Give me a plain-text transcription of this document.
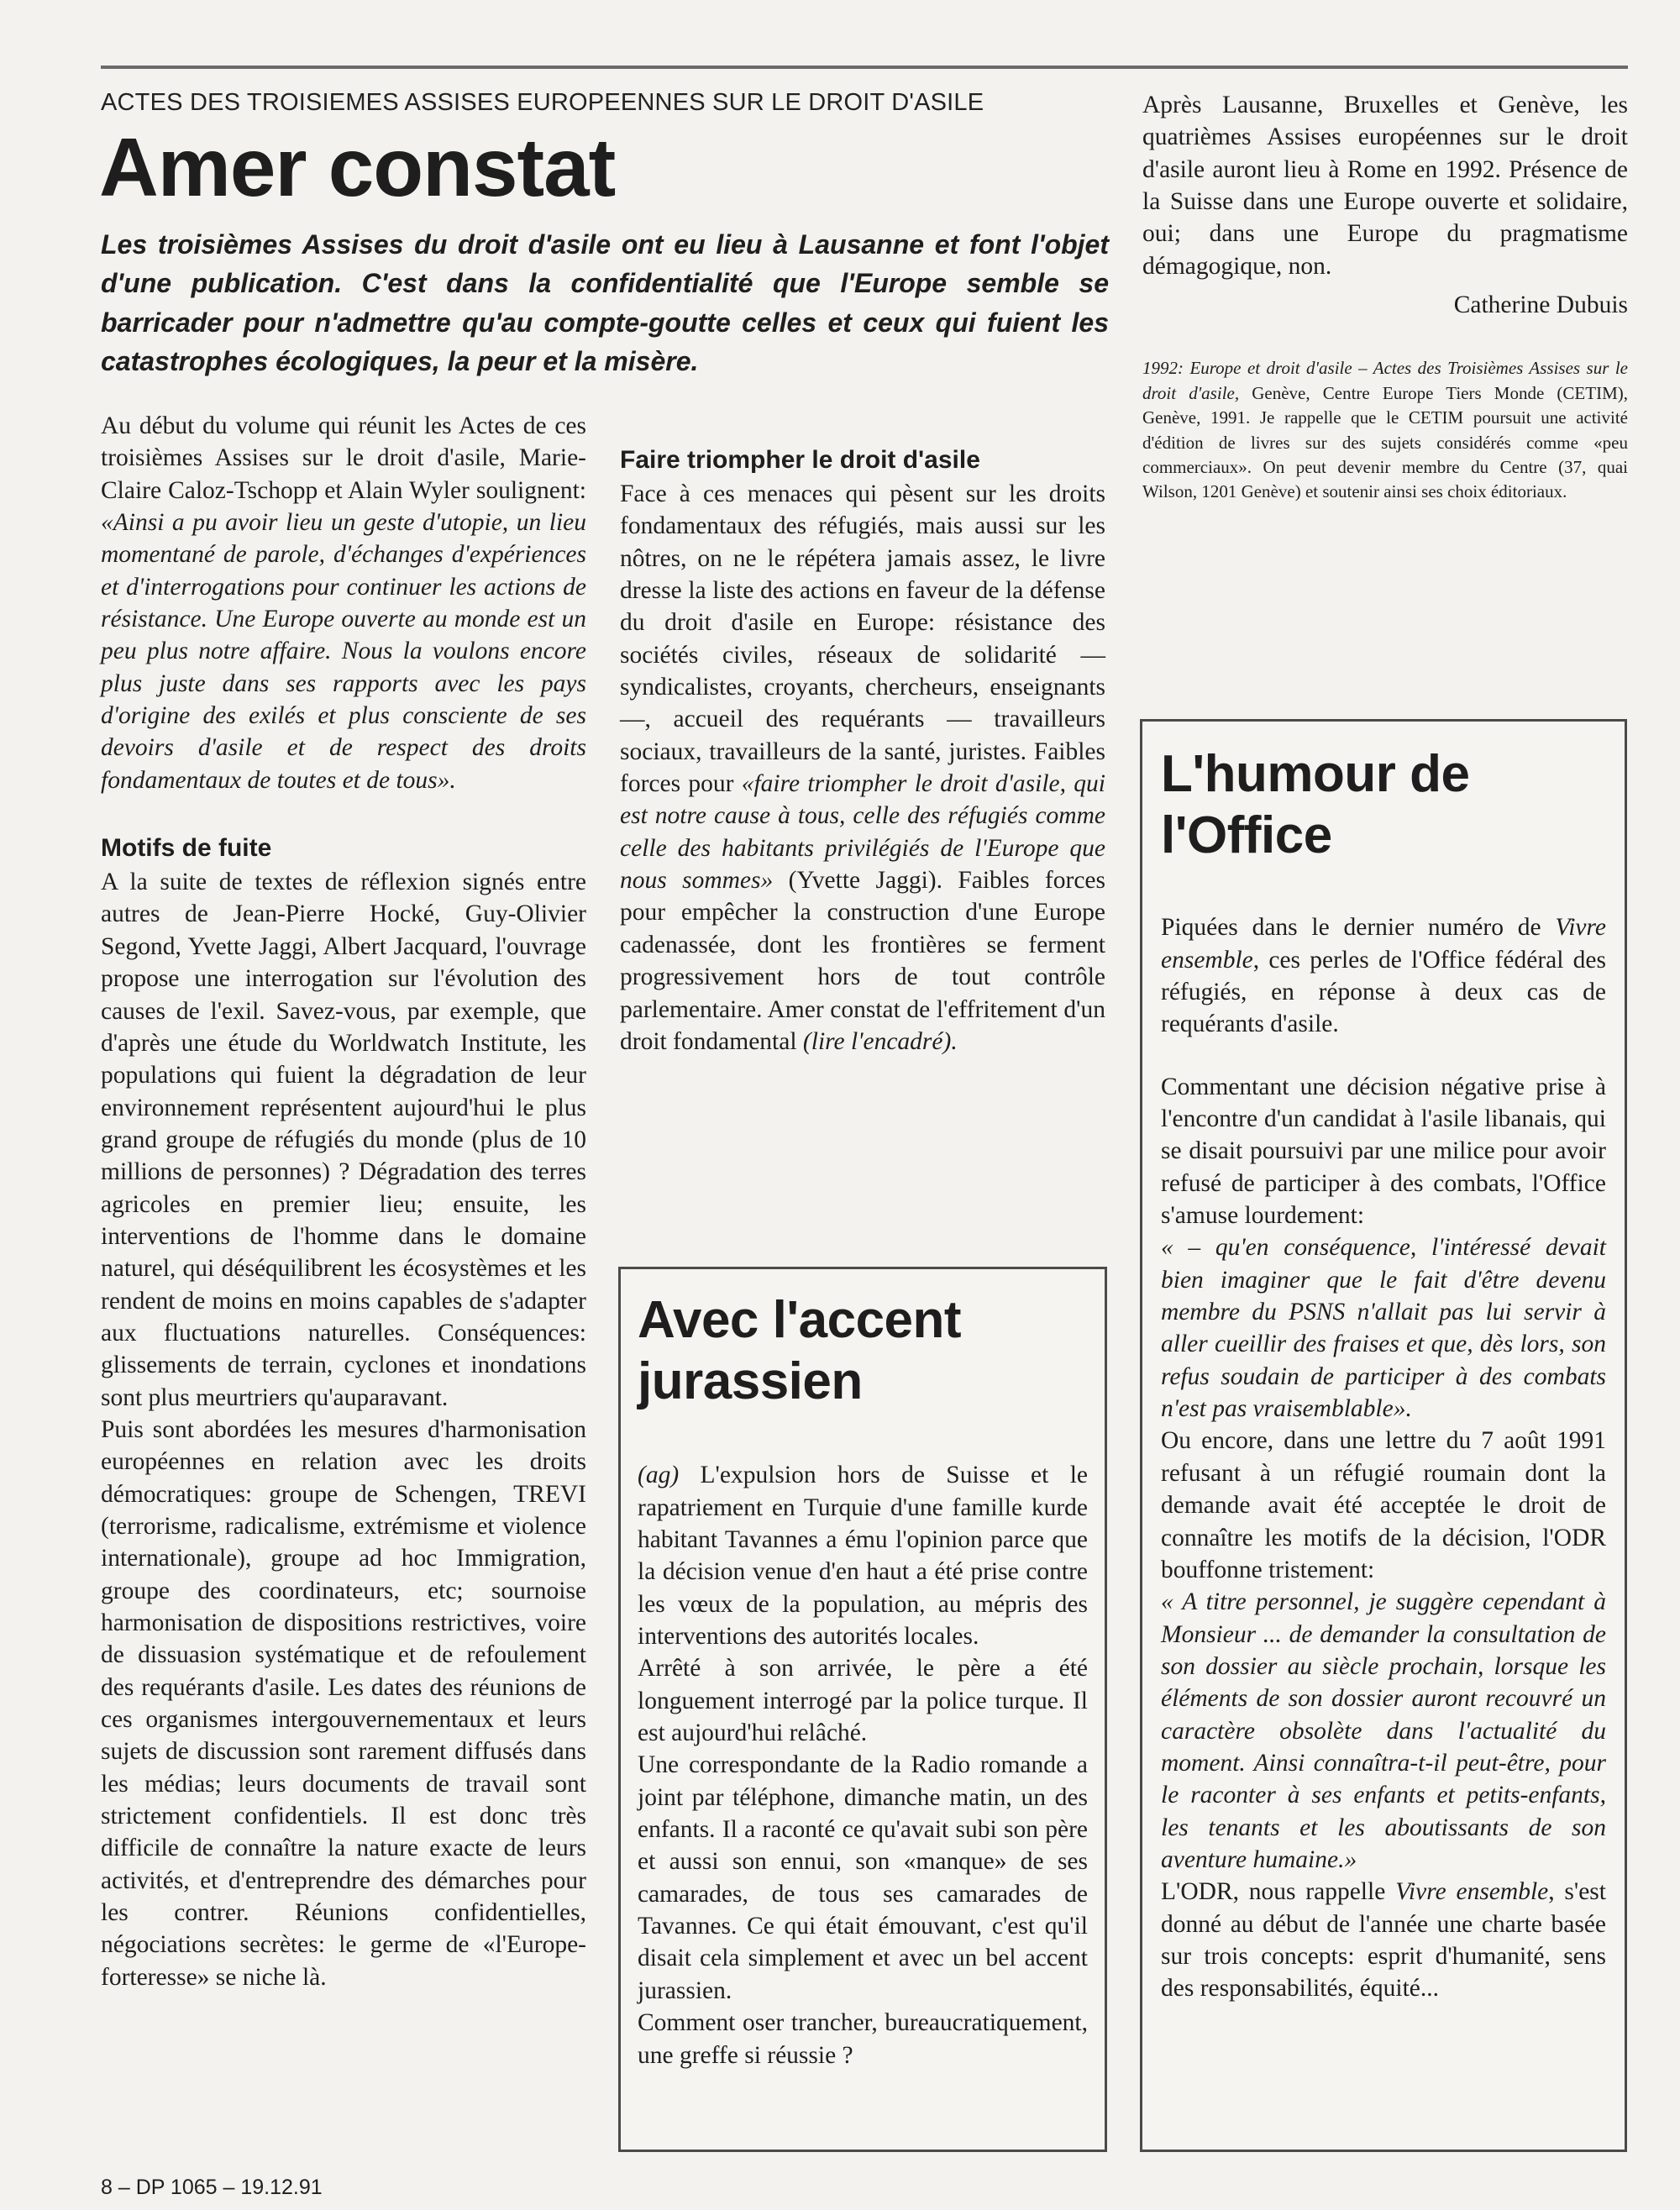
ACTES DES TROISIEMES ASSISES EUROPEENNES SUR LE DROIT D'ASILE
Amer constat

Les troisièmes Assises du droit d'asile ont eu lieu à Lausanne et font l'objet d'une publication. C'est dans la confidentialité que l'Europe semble se barricader pour n'admettre qu'au compte-goutte celles et ceux qui fuient les catastrophes écologiques, la peur et la misère.

Au début du volume qui réunit les Actes de ces troisièmes Assises sur le droit d'asile, Marie-Claire Caloz-Tschopp et Alain Wyler soulignent: «Ainsi a pu avoir lieu un geste d'utopie, un lieu momentané de parole, d'échanges d'expériences et d'interrogations pour continuer les actions de résistance. Une Europe ouverte au monde est un peu plus notre affaire. Nous la voulons encore plus juste dans ses rapports avec les pays d'origine des exilés et plus consciente de ses devoirs d'asile et de respect des droits fondamentaux de toutes et de tous».

Motifs de fuite

A la suite de textes de réflexion signés entre autres de Jean-Pierre Hocké, Guy-Olivier Segond, Yvette Jaggi, Albert Jacquard, l'ouvrage propose une interrogation sur l'évolution des causes de l'exil. Savez-vous, par exemple, que d'après une étude du Worldwatch Institute, les populations qui fuient la dégradation de leur environnement représentent aujourd'hui le plus grand groupe de réfugiés du monde (plus de 10 millions de personnes) ? Dégradation des terres agricoles en premier lieu; ensuite, les interventions de l'homme dans le domaine naturel, qui déséquilibrent les écosystèmes et les rendent de moins en moins capables de s'adapter aux fluctuations naturelles. Conséquences: glissements de terrain, cyclones et inondations sont plus meurtriers qu'auparavant.

Puis sont abordées les mesures d'harmonisation européennes en relation avec les droits démocratiques: groupe de Schengen, TREVI (terrorisme, radicalisme, extrémisme et violence internationale), groupe ad hoc Immigration, groupe des coordinateurs, etc; sournoise harmonisation de dispositions restrictives, voire de dissuasion systématique et de refoulement des requérants d'asile. Les dates des réunions de ces organismes intergouvernementaux et leurs sujets de discussion sont rarement diffusés dans les médias; leurs documents de travail sont strictement confidentiels. Il est donc très difficile de connaître la nature exacte de leurs activités, et d'entreprendre des démarches pour les contrer. Réunions confidentielles, négociations secrètes: le germe de «l'Europe-forteresse» se niche là.

Faire triompher le droit d'asile

Face à ces menaces qui pèsent sur les droits fondamentaux des réfugiés, mais aussi sur les nôtres, on ne le répétera jamais assez, le livre dresse la liste des actions en faveur de la défense du droit d'asile en Europe: résistance des sociétés civiles, réseaux de solidarité — syndicalistes, croyants, chercheurs, enseignants —, accueil des requérants — travailleurs sociaux, travailleurs de la santé, juristes. Faibles forces pour «faire triompher le droit d'asile, qui est notre cause à tous, celle des réfugiés comme celle des habitants privilégiés de l'Europe que nous sommes» (Yvette Jaggi). Faibles forces pour empêcher la construction d'une Europe cadenassée, dont les frontières se ferment progressivement hors de tout contrôle parlementaire. Amer constat de l'effritement d'un droit fondamental (lire l'encadré).

Après Lausanne, Bruxelles et Genève, les quatrièmes Assises européennes sur le droit d'asile auront lieu à Rome en 1992. Présence de la Suisse dans une Europe ouverte et solidaire, oui; dans une Europe du pragmatisme démagogique, non.

Catherine Dubuis

1992: Europe et droit d'asile – Actes des Troisièmes Assises sur le droit d'asile, Genève, Centre Europe Tiers Monde (CETIM), Genève, 1991. Je rappelle que le CETIM poursuit une activité d'édition de livres sur des sujets considérés comme «peu commerciaux». On peut devenir membre du Centre (37, quai Wilson, 1201 Genève) et soutenir ainsi ses choix éditoriaux.

Avec l'accent jurassien

(ag) L'expulsion hors de Suisse et le rapatriement en Turquie d'une famille kurde habitant Tavannes a ému l'opinion parce que la décision venue d'en haut a été prise contre les vœux de la population, au mépris des interventions des autorités locales.

Arrêté à son arrivée, le père a été longuement interrogé par la police turque. Il est aujourd'hui relâché.

Une correspondante de la Radio romande a joint par téléphone, dimanche matin, un des enfants. Il a raconté ce qu'avait subi son père et aussi son ennui, son «manque» de ses camarades, de tous ses camarades de Tavannes. Ce qui était émouvant, c'est qu'il disait cela simplement et avec un bel accent jurassien.

Comment oser trancher, bureaucratiquement, une greffe si réussie ?

L'humour de l'Office

Piquées dans le dernier numéro de Vivre ensemble, ces perles de l'Office fédéral des réfugiés, en réponse à deux cas de requérants d'asile.

Commentant une décision négative prise à l'encontre d'un candidat à l'asile libanais, qui se disait poursuivi par une milice pour avoir refusé de participer à des combats, l'Office s'amuse lourdement:

« – qu'en conséquence, l'intéressé devait bien imaginer que le fait d'être devenu membre du PSNS n'allait pas lui servir à aller cueillir des fraises et que, dès lors, son refus soudain de participer à des combats n'est pas vraisemblable».

Ou encore, dans une lettre du 7 août 1991 refusant à un réfugié roumain dont la demande avait été acceptée le droit de connaître les motifs de la décision, l'ODR bouffonne tristement:

« A titre personnel, je suggère cependant à Monsieur ... de demander la consultation de son dossier au siècle prochain, lorsque les éléments de son dossier auront recouvré un caractère obsolète dans l'actualité du moment. Ainsi connaîtra-t-il peut-être, pour le raconter à ses enfants et petits-enfants, les tenants et les aboutissants de son aventure humaine.»

L'ODR, nous rappelle Vivre ensemble, s'est donné au début de l'année une charte basée sur trois concepts: esprit d'humanité, sens des responsabilités, équité...

8 – DP 1065 – 19.12.91
